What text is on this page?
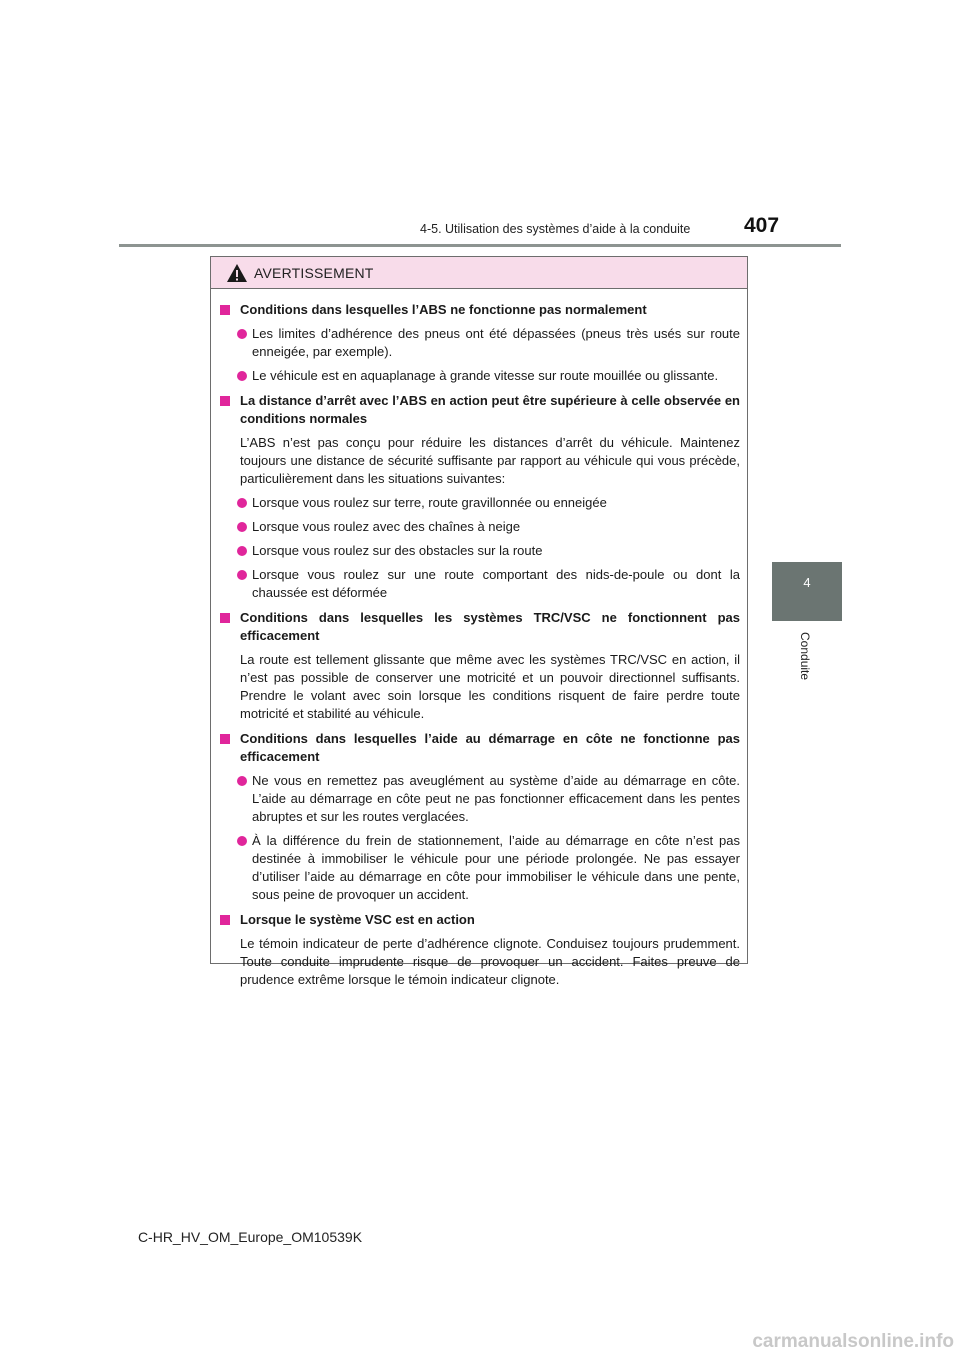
4-5. Utilisation des systèmes d’aide à la conduite	407
4
Conduite
AVERTISSEMENT
Conditions dans lesquelles l’ABS ne fonctionne pas normalement
Les limites d’adhérence des pneus ont été dépassées (pneus très usés sur route enneigée, par exemple).
Le véhicule est en aquaplanage à grande vitesse sur route mouillée ou glissante.
La distance d’arrêt avec l’ABS en action peut être supérieure à celle observée en conditions normales
L’ABS n’est pas conçu pour réduire les distances d’arrêt du véhicule. Maintenez toujours une distance de sécurité suffisante par rapport au véhicule qui vous précède, particulièrement dans les situations suivantes:
Lorsque vous roulez sur terre, route gravillonnée ou enneigée
Lorsque vous roulez avec des chaînes à neige
Lorsque vous roulez sur des obstacles sur la route
Lorsque vous roulez sur une route comportant des nids-de-poule ou dont la chaussée est déformée
Conditions dans lesquelles les systèmes TRC/VSC ne fonctionnent pas efficacement
La route est tellement glissante que même avec les systèmes TRC/VSC en action, il n’est pas possible de conserver une motricité et un pouvoir directionnel suffisants. Prendre le volant avec soin lorsque les conditions risquent de faire perdre toute motricité et stabilité au véhicule.
Conditions dans lesquelles l’aide au démarrage en côte ne fonctionne pas efficacement
Ne vous en remettez pas aveuglément au système d’aide au démarrage en côte. L’aide au démarrage en côte peut ne pas fonctionner efficacement dans les pentes abruptes et sur les routes verglacées.
À la différence du frein de stationnement, l’aide au démarrage en côte n’est pas destinée à immobiliser le véhicule pour une période prolongée. Ne pas essayer d’utiliser l’aide au démarrage en côte pour immobiliser le véhicule dans une pente, sous peine de provoquer un accident.
Lorsque le système VSC est en action
Le témoin indicateur de perte d’adhérence clignote. Conduisez toujours prudemment. Toute conduite imprudente risque de provoquer un accident. Faites preuve de prudence extrême lorsque le témoin indicateur clignote.
C-HR_HV_OM_Europe_OM10539K
carmanualsonline.info
